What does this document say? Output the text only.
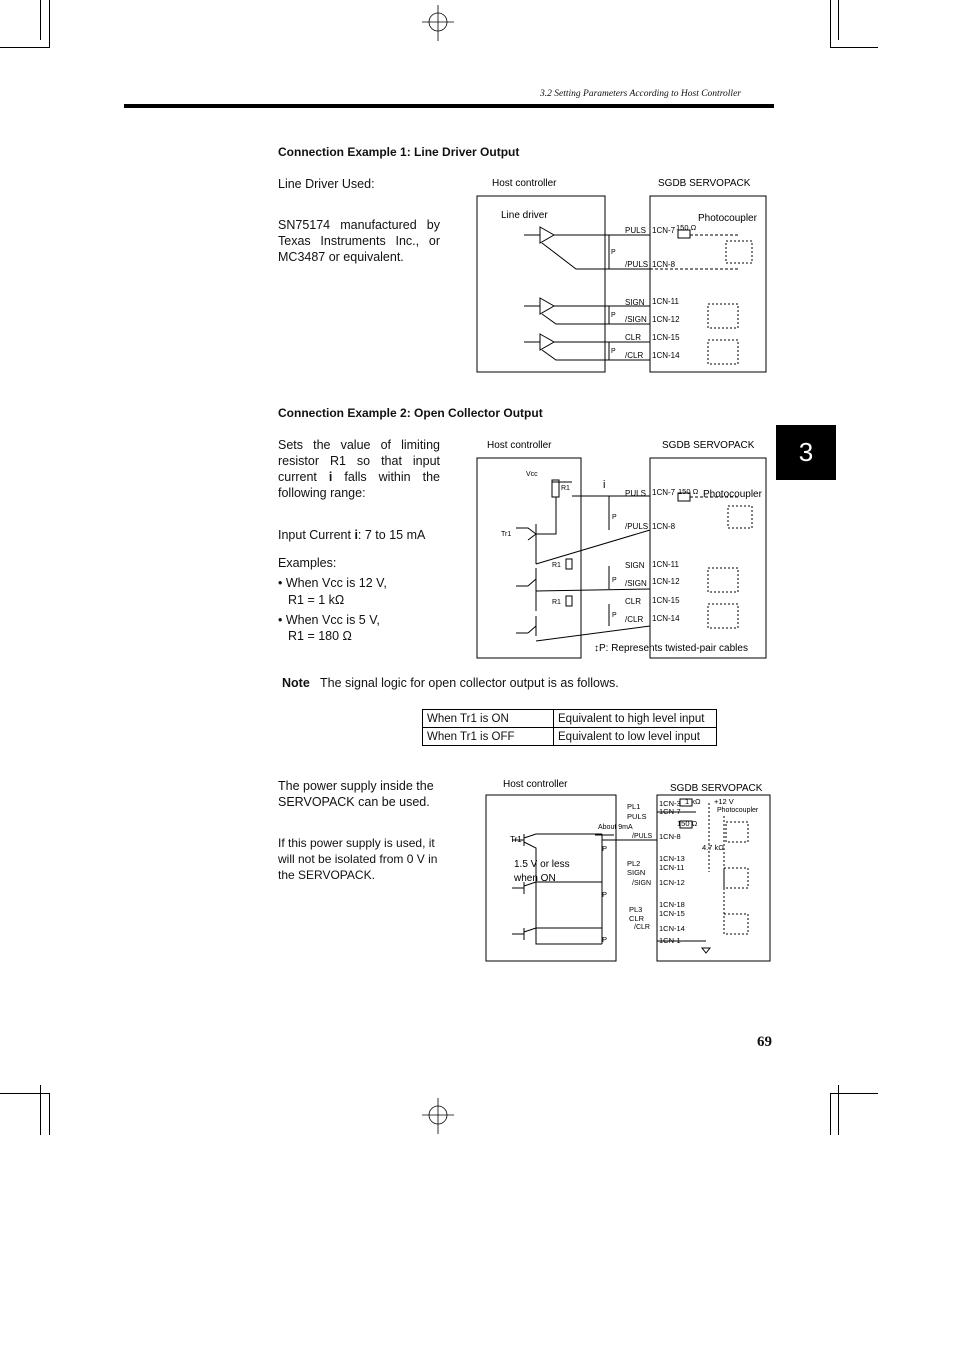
3.2 Setting Parameters According to Host Controller
3
Connection Example 1: Line Driver Output
Line Driver Used:
SN75174 manufactured by Texas Instruments Inc., or MC3487 or equivalent.
Host controller	SGDB SERVOPACK
Line driver	Photocoupler
150 Ω
P
P
P
PULS
/PULS
1CN-7
1CN-8
SIGN
/SIGN
1CN-11
1CN-12
CLR
/CLR
1CN-15
1CN-14
Connection Example 2: Open Collector Output
Sets the value of limiting resistor R1 so that input current i falls within the following range:
Input Current i: 7 to 15 mA
Examples:
• When Vcc is 12 V,
R1 = 1 kΩ
• When Vcc is 5 V,
R1 = 180 Ω
Host controller	SGDB SERVOPACK
Vcc
R1
Tr1
R1
R1
i
Photocoupler
150 Ω
P
P
P
PULS
/PULS
1CN-7
1CN-8
SIGN
/SIGN
1CN-11
1CN-12
CLR
/CLR
1CN-15
1CN-14
↕P: Represents twisted-pair cables
Note The signal logic for open collector output is as follows.
When Tr1 is ON	Equivalent to high level input
When Tr1 is OFF	Equivalent to low level input
The power supply inside the SERVOPACK can be used.
If this power supply is used, it will not be isolated from 0 V in the SERVOPACK.
Host controller	SGDB SERVOPACK
Tr1
About 9mA
1.5 V or less
when ON
1 kΩ +12 V
Photocoupler
150 Ω
4.7 kΩ
P
P
P
PL1
PULS
/PULS
1CN-3
1CN-7
1CN-8
PL2
SIGN
/SIGN
1CN-13
1CN-11
1CN-12
PL3
CLR
/CLR
1CN-18
1CN-15
1CN-14
1CN-1
69
